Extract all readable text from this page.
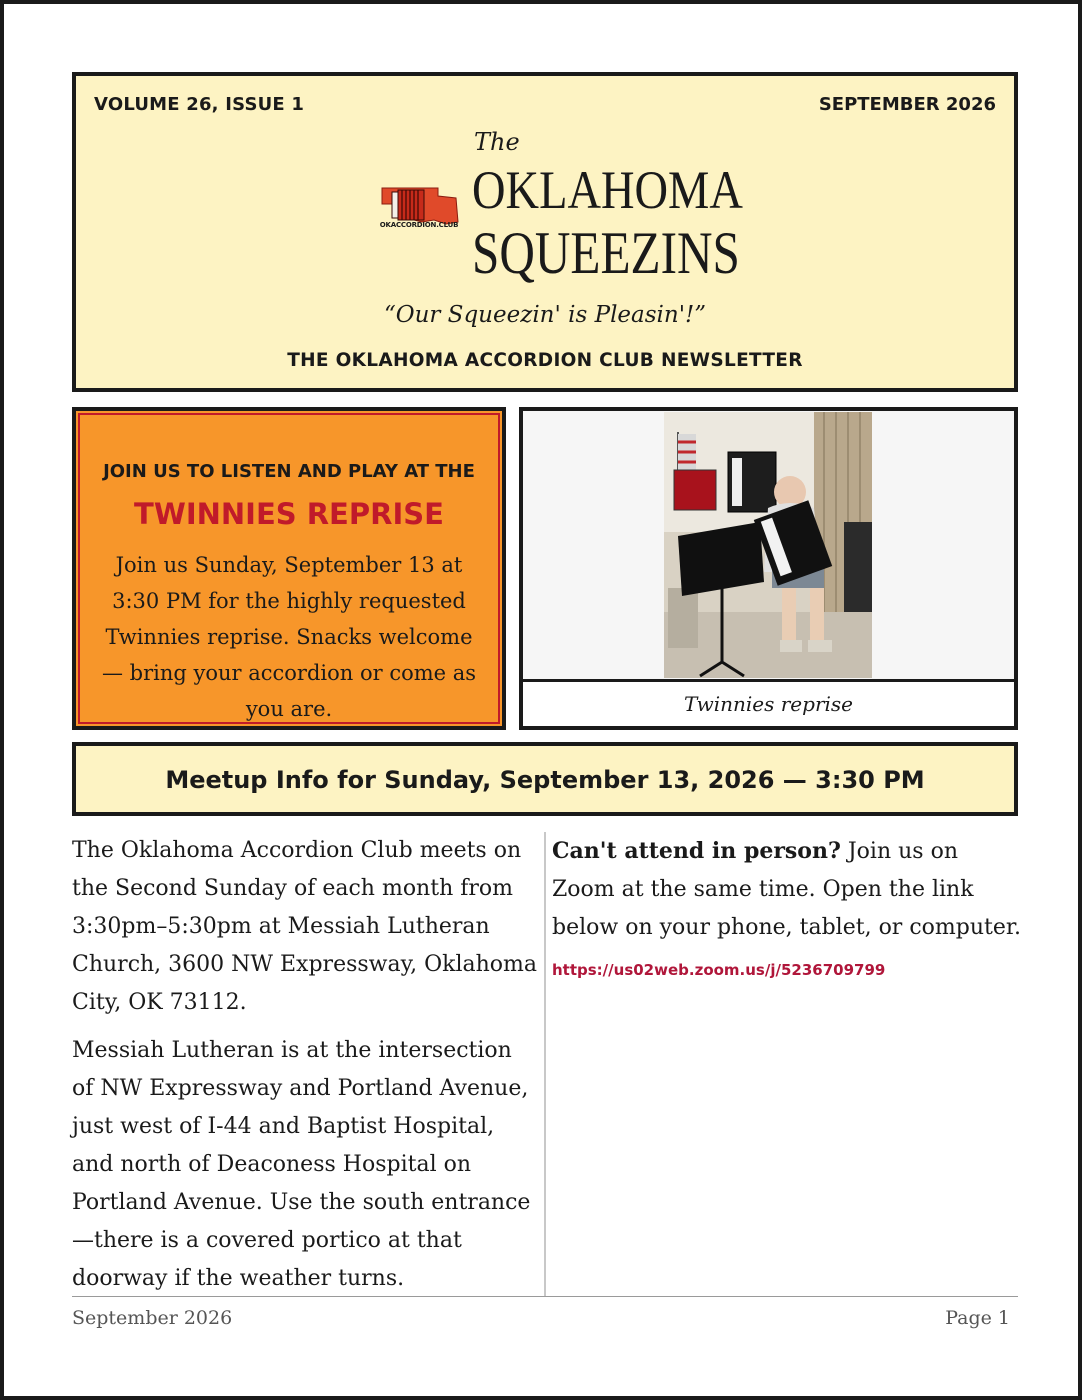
VOLUME 26, ISSUE 1	SEPTEMBER 2026
OKACCORDION.CLUB
The
OKLAHOMA
SQUEEZINS
“Our Squeezin' is Pleasin'!”
THE OKLAHOMA ACCORDION CLUB NEWSLETTER
JOIN US TO LISTEN AND PLAY AT THE
TWINNIES REPRISE
Join us Sunday, September 13 at 3:30 PM for the highly requested Twinnies reprise. Snacks welcome — bring your accordion or come as you are.	Twinnies reprise
Meetup Info for Sunday, September 13, 2026 — 3:30 PM

The Oklahoma Accordion Club meets on the Second Sunday of each month from 3:30pm–5:30pm at Messiah Lutheran Church, 3600 NW Expressway, Oklahoma City, OK 73112.

Messiah Lutheran is at the intersection of NW Expressway and Portland Avenue, just west of I-44 and Baptist Hospital, and north of Deaconess Hospital on Portland Avenue. Use the south entrance—there is a covered portico at that doorway if the weather turns.

Can't attend in person? Join us on Zoom at the same time. Open the link below on your phone, tablet, or computer.

https://us02web.zoom.us/j/5236709799
September 2026	Page 1
